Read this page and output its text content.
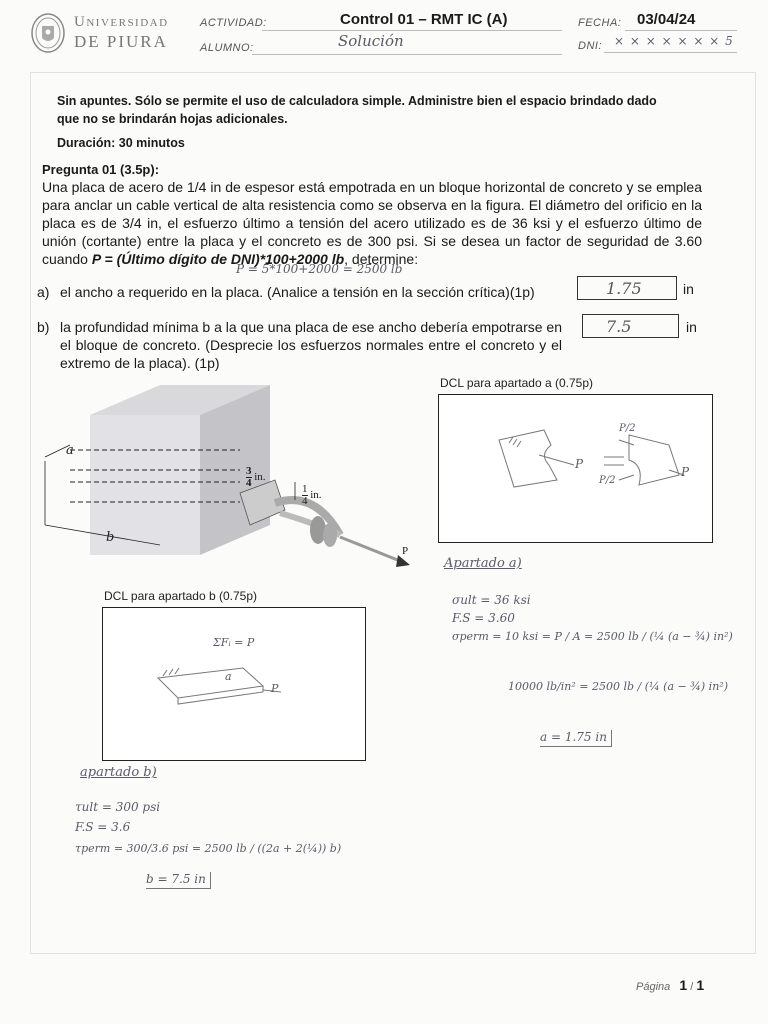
Universidad
DE PIURA
ACTIVIDAD:	Control 01 – RMT IC (A)
ALUMNO:	Solución
FECHA: 03/04/24
DNI: × × × × × × × 5
Sin apuntes. Sólo se permite el uso de calculadora simple. Administre bien el espacio brindado dado
que no se brindarán hojas adicionales.
Duración: 30 minutos
Pregunta 01 (3.5p):
Una placa de acero de 1/4 in de espesor está empotrada en un bloque horizontal de concreto y se emplea para anclar un cable vertical de alta resistencia como se observa en la figura. El diámetro del orificio en la placa es de 3/4 in, el esfuerzo último a tensión del acero utilizado es de 36 ksi y el esfuerzo último de unión (cortante) entre la placa y el concreto es de 300 psi. Si se desea un factor de seguridad de 3.60 cuando P = (Último dígito de DNI)*100+2000 lb, determine:
P = 5*100+2000 = 2500 lb
a) el ancho a requerido en la placa. (Analice a tensión en la sección crítica)(1p)	1.75	in
b) la profundidad mínima b a la que una placa de ese ancho debería empotrarse en el bloque de concreto. (Desprecie los esfuerzos normales entre el concreto y el extremo de la placa). (1p)
7.5	in
a
b
$\frac{3}{4}$ in.
$\frac{1}{4}$ in.
P
DCL para apartado a (0.75p)
P/2
P/2
P
P
DCL para apartado b (0.75p)
ΣFᵢ = P
a
P
Apartado a)
σult = 36 ksi
F.S = 3.60
σperm = 10 ksi = P / A = 2500 lb / (¼ (a − ¾) in²)
10000 lb/in² = 2500 lb / (¼ (a − ¾) in²)
a = 1.75 in
apartado b)
τult = 300 psi
F.S = 3.6
τperm = 300/3.6 psi = 2500 lb / ((2a + 2(¼)) b)
b = 7.5 in
Página 1 / 1
